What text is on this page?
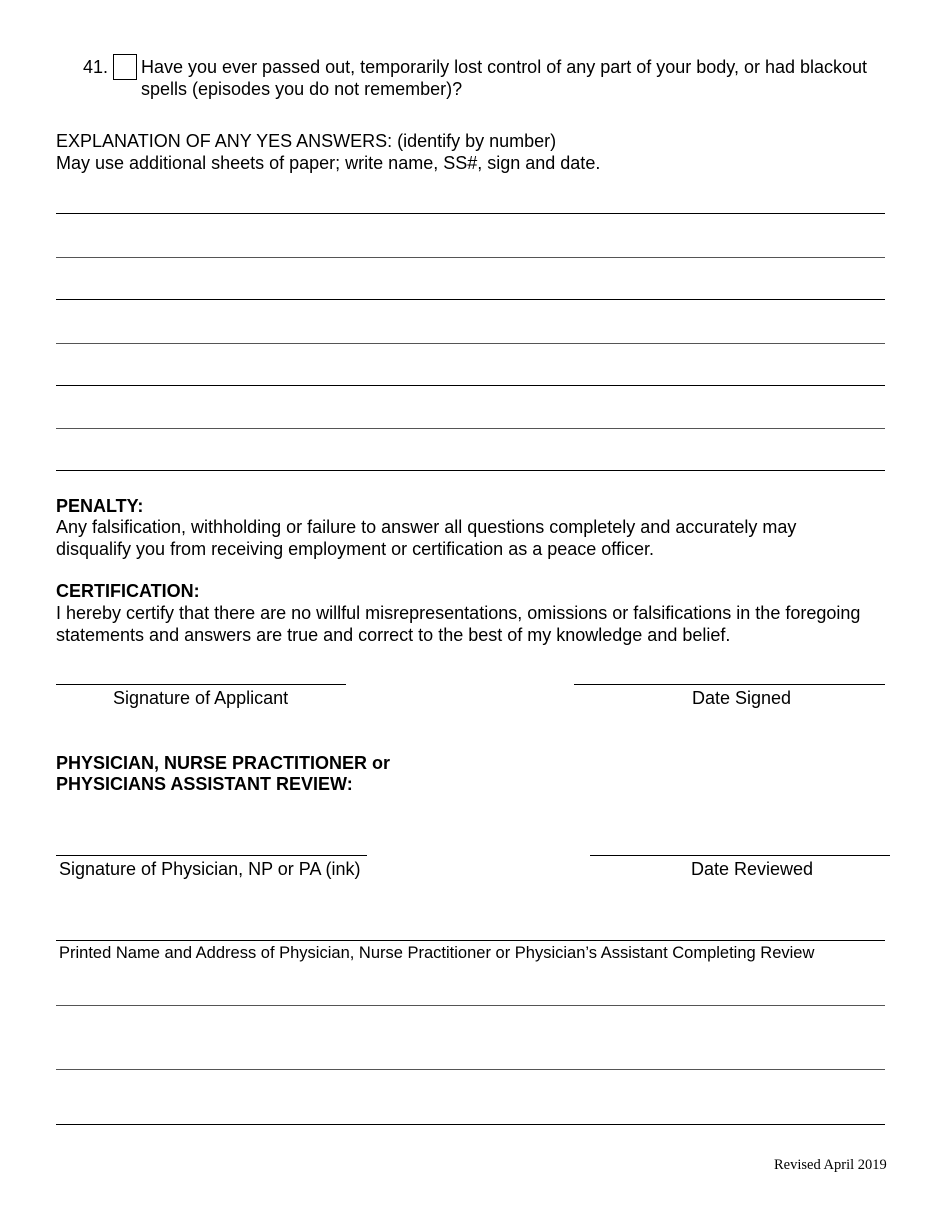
41. Have you ever passed out, temporarily lost control of any part of your body, or had blackout
spells (episodes you do not remember)?
EXPLANATION OF ANY YES ANSWERS: (identify by number)
May use additional sheets of paper; write name, SS#, sign and date.
PENALTY:
Any falsification, withholding or failure to answer all questions completely and accurately may
disqualify you from receiving employment or certification as a peace officer.
CERTIFICATION:
I hereby certify that there are no willful misrepresentations, omissions or falsifications in the foregoing
statements and answers are true and correct to the best of my knowledge and belief.
Signature of Applicant	Date Signed
PHYSICIAN, NURSE PRACTITIONER or
PHYSICIANS ASSISTANT REVIEW:
Signature of Physician, NP or PA (ink)	Date Reviewed
Printed Name and Address of Physician, Nurse Practitioner or Physician’s Assistant Completing Review
Revised April 2019
